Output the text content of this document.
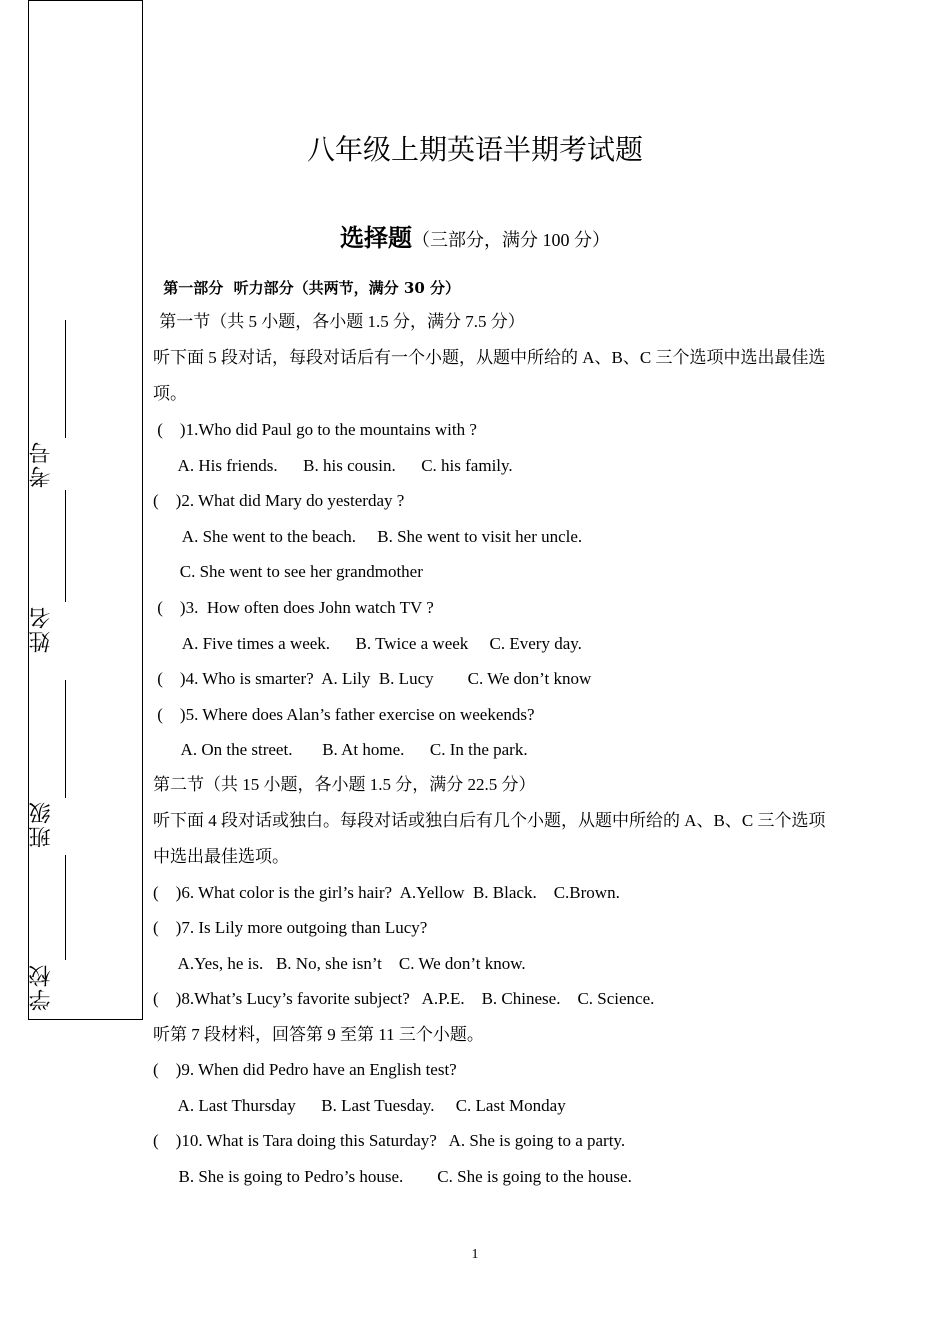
考号
姓名
班级
学校
八年级上期英语半期考试题
选择题（三部分，满分 100 分）
第一部分  听力部分（共两节，满分 30 分）
第一节（共 5 小题，各小题 1.5 分，满分 7.5 分）
听下面 5 段对话，每段对话后有一个小题，从题中所给的 A、B、C 三个选项中选出最佳选
项。
(    )1.Who did Paul go to the mountains with ?
A. His friends.      B. his cousin.      C. his family.
(    )2. What did Mary do yesterday ?
A. She went to the beach.     B. She went to visit her uncle.
C. She went to see her grandmother
(    )3.  How often does John watch TV ?
A. Five times a week.      B. Twice a week     C. Every day.
(    )4. Who is smarter?  A. Lily  B. Lucy        C. We don’t know
(    )5. Where does Alan’s father exercise on weekends?
A. On the street.       B. At home.      C. In the park.
第二节（共 15 小题，各小题 1.5 分，满分 22.5 分）
听下面 4 段对话或独白。每段对话或独白后有几个小题，从题中所给的 A、B、C 三个选项
中选出最佳选项。
(    )6. What color is the girl’s hair?  A.Yellow  B. Black.    C.Brown.
(    )7. Is Lily more outgoing than Lucy?
A.Yes, he is.   B. No, she isn’t    C. We don’t know.
(    )8.What’s Lucy’s favorite subject?   A.P.E.    B. Chinese.    C. Science.
听第 7 段材料，回答第 9 至第 11 三个小题。
(    )9. When did Pedro have an English test?
A. Last Thursday      B. Last Tuesday.     C. Last Monday
(    )10. What is Tara doing this Saturday?   A. She is going to a party.
B. She is going to Pedro’s house.        C. She is going to the house.
1
